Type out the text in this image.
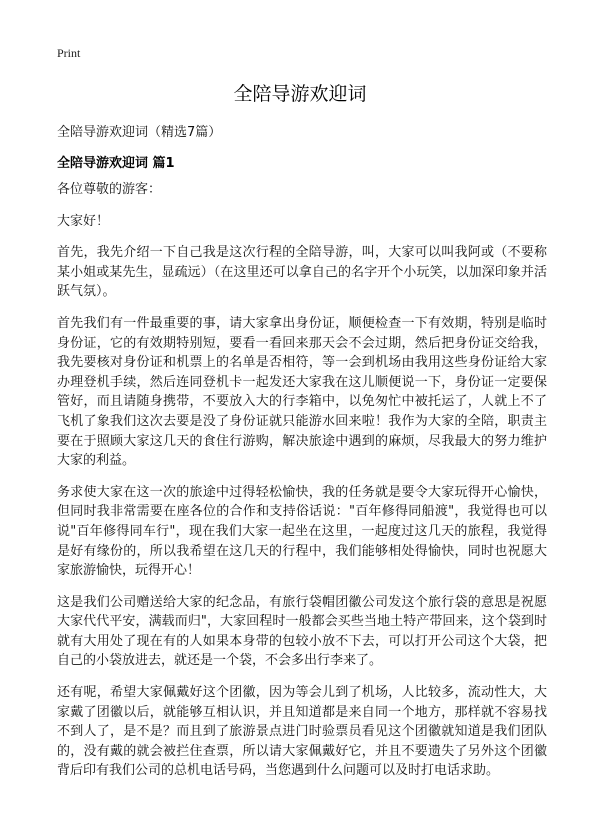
Print
全陪导游欢迎词
全陪导游欢迎词（精选7篇）
全陪导游欢迎词 篇1

各位尊敬的游客：

大家好！

首先，我先介绍一下自己我是这次行程的全陪导游，叫，大家可以叫我阿或（不要称某小姐或某先生，显疏远）（在这里还可以拿自己的名字开个小玩笑，以加深印象并活跃气氛）。

首先我们有一件最重要的事，请大家拿出身份证，顺便检查一下有效期，特别是临时身份证，它的有效期特别短，要看一看回来那天会不会过期，然后把身份证交给我，我先要核对身份证和机票上的名单是否相符，等一会到机场由我用这些身份证给大家办理登机手续，然后连同登机卡一起发还大家我在这儿顺便说一下，身份证一定要保管好，而且请随身携带，不要放入大的行李箱中，以免匆忙中被托运了，人就上不了飞机了象我们这次去要是没了身份证就只能游水回来啦！我作为大家的全陪，职责主要在于照顾大家这几天的食住行游购，解决旅途中遇到的麻烦，尽我最大的努力维护大家的利益。

务求使大家在这一次的旅途中过得轻松愉快，我的任务就是要令大家玩得开心愉快，但同时我非常需要在座各位的合作和支持俗话说："百年修得同船渡"，我觉得也可以说"百年修得同车行"，现在我们大家一起坐在这里，一起度过这几天的旅程，我觉得是好有缘份的，所以我希望在这几天的行程中，我们能够相处得愉快，同时也祝愿大家旅游愉快，玩得开心！

这是我们公司赠送给大家的纪念品，有旅行袋帽团徽公司发这个旅行袋的意思是祝愿大家代代平安，满载而归"，大家回程时一般都会买些当地土特产带回来，这个袋到时就有大用处了现在有的人如果本身带的包较小放不下去，可以打开公司这个大袋，把自己的小袋放进去，就还是一个袋，不会多出行李来了。

还有呢，希望大家佩戴好这个团徽，因为等会儿到了机场，人比较多，流动性大，大家戴了团徽以后，就能够互相认识，并且知道都是来自同一个地方，那样就不容易找不到人了，是不是？而且到了旅游景点进门时验票员看见这个团徽就知道是我们团队的，没有戴的就会被拦住查票，所以请大家佩戴好它，并且不要遗失了另外这个团徽背后印有我们公司的总机电话号码，当您遇到什么问题可以及时打电话求助。
